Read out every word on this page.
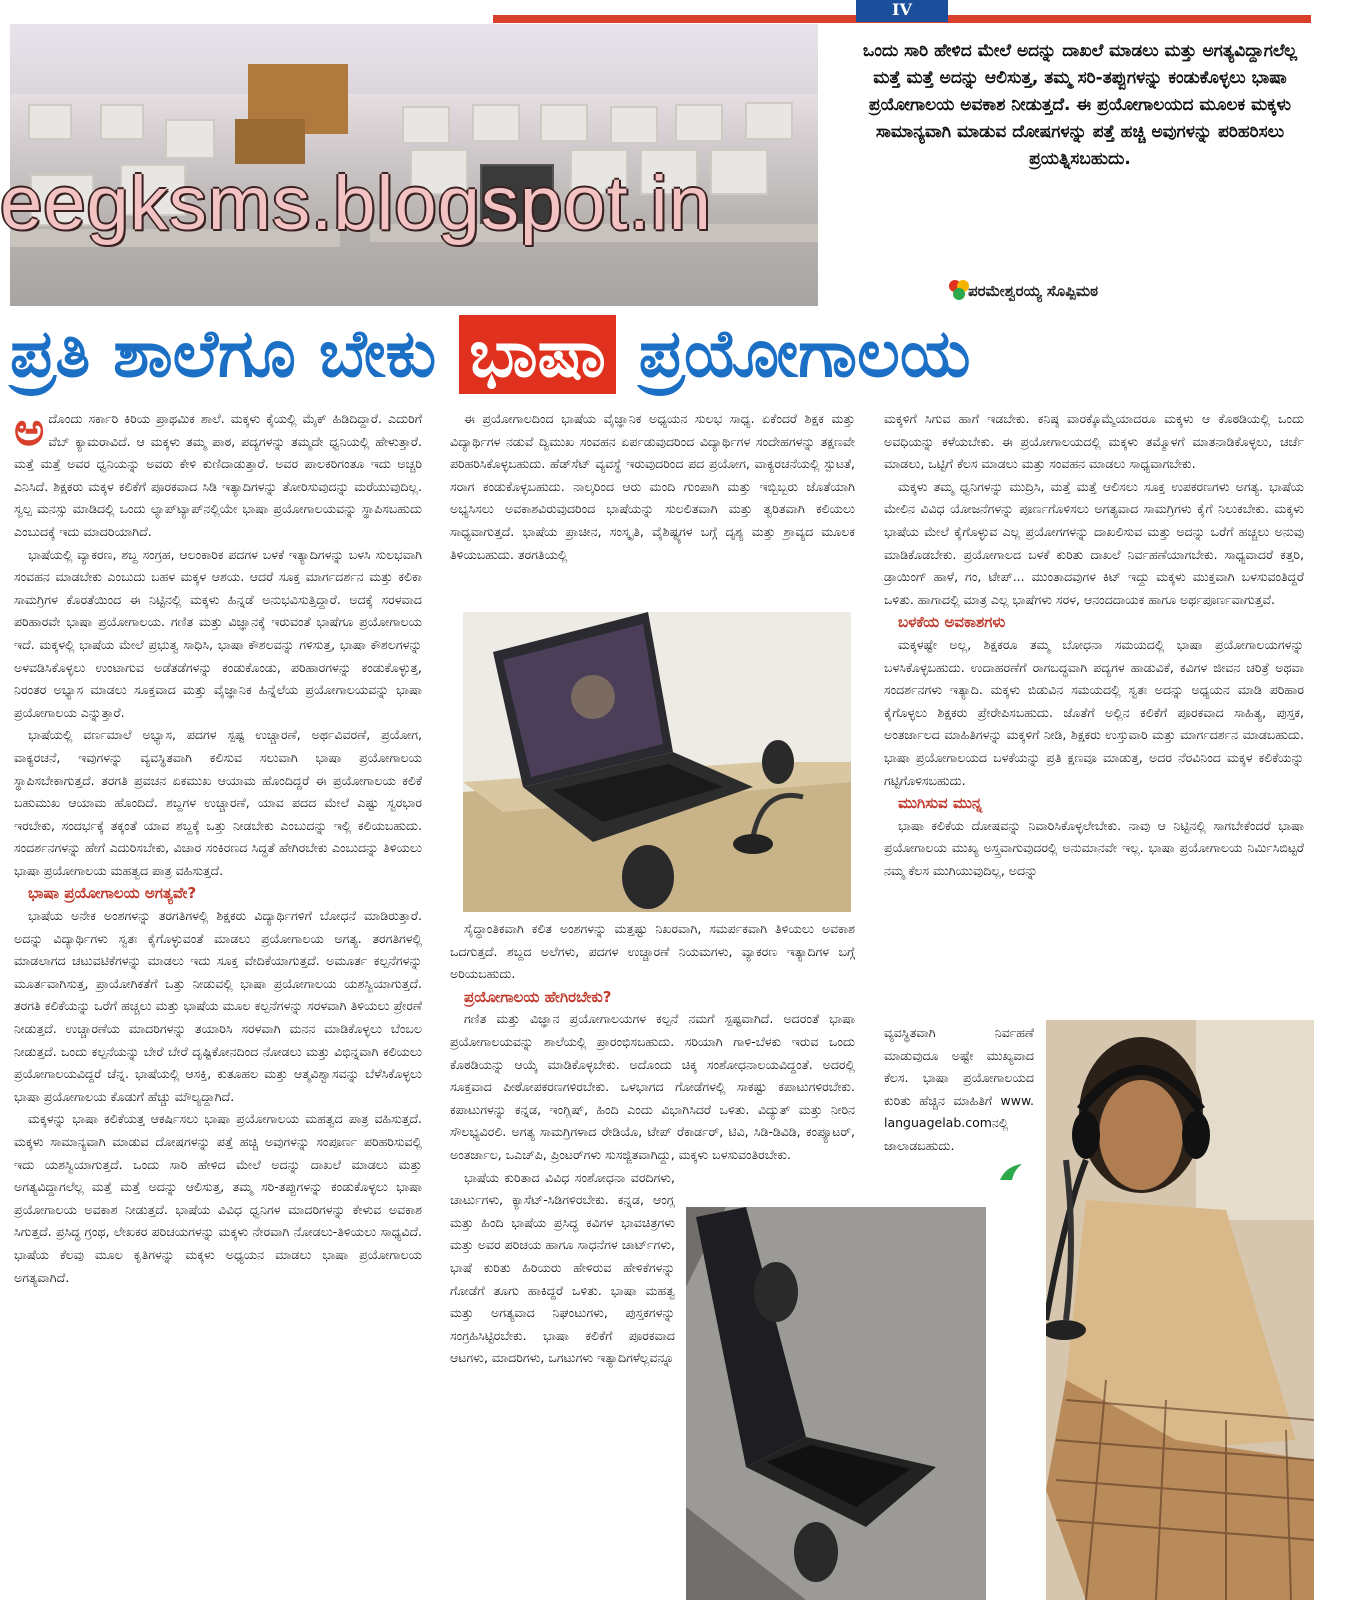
IV
eegksms.blogspot.in
ಒಂದು ಸಾರಿ ಹೇಳಿದ ಮೇಲೆ ಅದನ್ನು ದಾಖಲೆ ಮಾಡಲು ಮತ್ತು ಅಗತ್ಯವಿದ್ದಾಗಲೆಲ್ಲ ಮತ್ತೆ ಮತ್ತೆ ಅದನ್ನು ಆಲಿಸುತ್ತ, ತಮ್ಮ ಸರಿ-ತಪ್ಪುಗಳನ್ನು ಕಂಡುಕೊಳ್ಳಲು ಭಾಷಾ ಪ್ರಯೋಗಾಲಯ ಅವಕಾಶ ನೀಡುತ್ತದೆ. ಈ ಪ್ರಯೋಗಾಲಯದ ಮೂಲಕ ಮಕ್ಕಳು ಸಾಮಾನ್ಯವಾಗಿ ಮಾಡುವ ದೋಷಗಳನ್ನು ಪತ್ತೆ ಹಚ್ಚಿ ಅವುಗಳನ್ನು ಪರಿಹರಿಸಲು ಪ್ರಯತ್ನಿಸಬಹುದು.
ಪರಮೇಶ್ವರಯ್ಯ ಸೊಪ್ಪಿಮಠ
ಪ್ರತಿ ಶಾಲೆಗೂ ಬೇಕು ಭಾಷಾ ಪ್ರಯೋಗಾಲಯ

ಅದೊಂದು ಸರ್ಕಾರಿ ಕಿರಿಯ ಪ್ರಾಥಮಿಕ ಶಾಲೆ. ಮಕ್ಕಳು ಕೈಯಲ್ಲಿ ಮೈಕ್ ಹಿಡಿದಿದ್ದಾರೆ. ಎದುರಿಗೆ ವೆಬ್ ಕ್ಯಾಮರಾವಿದೆ. ಆ ಮಕ್ಕಳು ತಮ್ಮ ಪಾಠ, ಪದ್ಯಗಳನ್ನು ತಮ್ಮದೇ ಧ್ವನಿಯಲ್ಲಿ ಹೇಳುತ್ತಾರೆ. ಮತ್ತೆ ಮತ್ತೆ ಅವರ ಧ್ವನಿಯನ್ನು ಅವರು ಕೇಳಿ ಕುಣಿದಾಡುತ್ತಾರೆ. ಅವರ ಪಾಲಕರಿಗಂತೂ ಇದು ಅಚ್ಚರಿ ಎನಿಸಿದೆ. ಶಿಕ್ಷಕರು ಮಕ್ಕಳ ಕಲಿಕೆಗೆ ಪೂರಕವಾದ ಸಿಡಿ ಇತ್ಯಾದಿಗಳನ್ನು ತೋರಿಸುವುದನ್ನು ಮರೆಯುವುದಿಲ್ಲ. ಸ್ವಲ್ಪ ಮನಸ್ಸು ಮಾಡಿದಲ್ಲಿ ಒಂದು ಲ್ಯಾಪ್‌ಟ್ಯಾಪ್‌ನಲ್ಲಿಯೇ ಭಾಷಾ ಪ್ರಯೋಗಾಲಯವನ್ನು ಸ್ಥಾಪಿಸಬಹುದು ಎಂಬುದಕ್ಕೆ ಇದು ಮಾದರಿಯಾಗಿದೆ.

ಭಾಷೆಯಲ್ಲಿ ವ್ಯಾಕರಣ, ಶಬ್ದ ಸಂಗ್ರಹ, ಆಲಂಕಾರಿಕ ಪದಗಳ ಬಳಕೆ ಇತ್ಯಾದಿಗಳನ್ನು ಬಳಸಿ ಸುಲಭವಾಗಿ ಸಂವಹನ ಮಾಡಬೇಕು ಎಂಬುದು ಬಹಳ ಮಕ್ಕಳ ಆಶಯ. ಆದರೆ ಸೂಕ್ತ ಮಾರ್ಗದರ್ಶನ ಮತ್ತು ಕಲಿಕಾ ಸಾಮಗ್ರಿಗಳ ಕೊರತೆಯಿಂದ ಈ ನಿಟ್ಟಿನಲ್ಲಿ ಮಕ್ಕಳು ಹಿನ್ನಡೆ ಅನುಭವಿಸುತ್ತಿದ್ದಾರೆ. ಅದಕ್ಕೆ ಸರಳವಾದ ಪರಿಹಾರವೇ ಭಾಷಾ ಪ್ರಯೋಗಾಲಯ. ಗಣಿತ ಮತ್ತು ವಿಜ್ಞಾನಕ್ಕೆ ಇರುವಂತೆ ಭಾಷೆಗೂ ಪ್ರಯೋಗಾಲಯ ಇದೆ. ಮಕ್ಕಳಲ್ಲಿ ಭಾಷೆಯ ಮೇಲೆ ಪ್ರಭುತ್ವ ಸಾಧಿಸಿ, ಭಾಷಾ ಕೌಶಲವನ್ನು ಗಳಿಸುತ್ತ, ಭಾಷಾ ಕೌಶಲಗಳನ್ನು ಅಳವಡಿಸಿಕೊಳ್ಳಲು ಉಂಟಾಗುವ ಅಡೆತಡೆಗಳನ್ನು ಕಂಡುಕೊಂಡು, ಪರಿಹಾರಗಳನ್ನು ಕಂಡುಕೊಳ್ಳುತ್ತ, ನಿರಂತರ ಅಭ್ಯಾಸ ಮಾಡಲು ಸೂಕ್ತವಾದ ಮತ್ತು ವೈಜ್ಞಾನಿಕ ಹಿನ್ನೆಲೆಯ ಪ್ರಯೋಗಾಲಯವನ್ನು ಭಾಷಾ ಪ್ರಯೋಗಾಲಯ ಎನ್ನುತ್ತಾರೆ.

ಭಾಷೆಯಲ್ಲಿ ವರ್ಣಮಾಲೆ ಅಭ್ಯಾಸ, ಪದಗಳ ಸ್ಪಷ್ಟ ಉಚ್ಚಾರಣೆ, ಅರ್ಥವಿವರಣೆ, ಪ್ರಯೋಗ, ವಾಕ್ಯರಚನೆ, ಇವುಗಳನ್ನು ವ್ಯವಸ್ಥಿತವಾಗಿ ಕಲಿಸುವ ಸಲುವಾಗಿ ಭಾಷಾ ಪ್ರಯೋಗಾಲಯ ಸ್ಥಾಪಿಸಬೇಕಾಗುತ್ತದೆ. ತರಗತಿ ಪ್ರವಚನ ಏಕಮುಖ ಆಯಾಮ ಹೊಂದಿದ್ದರೆ ಈ ಪ್ರಯೋಗಾಲಯ ಕಲಿಕೆ ಬಹುಮುಖ ಆಯಾಮ ಹೊಂದಿದೆ. ಶಬ್ದಗಳ ಉಚ್ಚಾರಣೆ, ಯಾವ ಪದದ ಮೇಲೆ ಎಷ್ಟು ಸ್ವರಭಾರ ಇರಬೇಕು, ಸಂದರ್ಭಕ್ಕೆ ತಕ್ಕಂತೆ ಯಾವ ಶಬ್ದಕ್ಕೆ ಒತ್ತು ನೀಡಬೇಕು ಎಂಬುದನ್ನು ಇಲ್ಲಿ ಕಲಿಯಬಹುದು. ಸಂದರ್ಶನಗಳನ್ನು ಹೇಗೆ ಎದುರಿಸಬೇಕು, ವಿಚಾರ ಸಂಕಿರಣದ ಸಿದ್ಧತೆ ಹೇಗಿರಬೇಕು ಎಂಬುದನ್ನು ತಿಳಿಯಲು ಭಾಷಾ ಪ್ರಯೋಗಾಲಯ ಮಹತ್ವದ ಪಾತ್ರ ವಹಿಸುತ್ತದೆ.

ಭಾಷಾ ಪ್ರಯೋಗಾಲಯ ಅಗತ್ಯವೇ?

ಭಾಷೆಯ ಅನೇಕ ಅಂಶಗಳನ್ನು ತರಗತಿಗಳಲ್ಲಿ ಶಿಕ್ಷಕರು ವಿದ್ಯಾರ್ಥಿಗಳಿಗೆ ಬೋಧನೆ ಮಾಡಿರುತ್ತಾರೆ. ಅದನ್ನು ವಿದ್ಯಾರ್ಥಿಗಳು ಸ್ವತಃ ಕೈಗೊಳ್ಳುವಂತೆ ಮಾಡಲು ಪ್ರಯೋಗಾಲಯ ಅಗತ್ಯ. ತರಗತಿಗಳಲ್ಲಿ ಮಾಡಲಾಗದ ಚಟುವಟಿಕೆಗಳನ್ನು ಮಾಡಲು ಇದು ಸೂಕ್ತ ವೇದಿಕೆಯಾಗುತ್ತದೆ. ಅಮೂರ್ತ ಕಲ್ಪನೆಗಳನ್ನು ಮೂರ್ತವಾಗಿಸುತ್ತ, ಪ್ರಾಯೋಗಿಕತೆಗೆ ಒತ್ತು ನೀಡುವಲ್ಲಿ ಭಾಷಾ ಪ್ರಯೋಗಾಲಯ ಯಶಸ್ವಿಯಾಗುತ್ತದೆ. ತರಗತಿ ಕಲಿಕೆಯನ್ನು ಒರೆಗೆ ಹಚ್ಚಲು ಮತ್ತು ಭಾಷೆಯ ಮೂಲ ಕಲ್ಪನೆಗಳನ್ನು ಸರಳವಾಗಿ ತಿಳಿಯಲು ಪ್ರೇರಣೆ ನೀಡುತ್ತದೆ. ಉಚ್ಚಾರಣೆಯ ಮಾದರಿಗಳನ್ನು ತಯಾರಿಸಿ ಸರಳವಾಗಿ ಮನನ ಮಾಡಿಕೊಳ್ಳಲು ಬೆಂಬಲ ನೀಡುತ್ತದೆ. ಒಂದು ಕಲ್ಪನೆಯನ್ನು ಬೇರೆ ಬೇರೆ ದೃಷ್ಟಿಕೋನದಿಂದ ನೋಡಲು ಮತ್ತು ವಿಭಿನ್ನವಾಗಿ ಕಲಿಯಲು ಪ್ರಯೋಗಾಲಯವಿದ್ದರೆ ಚೆನ್ನ. ಭಾಷೆಯಲ್ಲಿ ಆಸಕ್ತಿ, ಕುತೂಹಲ ಮತ್ತು ಆತ್ಮವಿಶ್ವಾಸವನ್ನು ಬೆಳೆಸಿಕೊಳ್ಳಲು ಭಾಷಾ ಪ್ರಯೋಗಾಲಯ ಕೊಡುಗೆ ಹೆಚ್ಚು ಮೌಲ್ಯದ್ದಾಗಿದೆ.

ಮಕ್ಕಳನ್ನು ಭಾಷಾ ಕಲಿಕೆಯತ್ತ ಆಕರ್ಷಿಸಲು ಭಾಷಾ ಪ್ರಯೋಗಾಲಯ ಮಹತ್ವದ ಪಾತ್ರ ವಹಿಸುತ್ತದೆ. ಮಕ್ಕಳು ಸಾಮಾನ್ಯವಾಗಿ ಮಾಡುವ ದೋಷಗಳನ್ನು ಪತ್ತೆ ಹಚ್ಚಿ ಅವುಗಳನ್ನು ಸಂಪೂರ್ಣ ಪರಿಹರಿಸುವಲ್ಲಿ ಇದು ಯಶಸ್ವಿಯಾಗುತ್ತದೆ. ಒಂದು ಸಾರಿ ಹೇಳಿದ ಮೇಲೆ ಅದನ್ನು ದಾಖಲೆ ಮಾಡಲು ಮತ್ತು ಅಗತ್ಯವಿದ್ದಾಗಲೆಲ್ಲ ಮತ್ತೆ ಮತ್ತೆ ಅದನ್ನು ಆಲಿಸುತ್ತ, ತಮ್ಮ ಸರಿ-ತಪ್ಪುಗಳನ್ನು ಕಂಡುಕೊಳ್ಳಲು ಭಾಷಾ ಪ್ರಯೋಗಾಲಯ ಅವಕಾಶ ನೀಡುತ್ತದೆ. ಭಾಷೆಯ ವಿವಿಧ ಧ್ವನಿಗಳ ಮಾದರಿಗಳನ್ನು ಕೇಳುವ ಅವಕಾಶ ಸಿಗುತ್ತದೆ. ಪ್ರಸಿದ್ಧ ಗ್ರಂಥ, ಲೇಖಕರ ಪರಿಚಯಗಳನ್ನು ಮಕ್ಕಳು ನೇರವಾಗಿ ನೋಡಲು-ತಿಳಿಯಲು ಸಾಧ್ಯವಿದೆ. ಭಾಷೆಯ ಕೆಲವು ಮೂಲ ಕೃತಿಗಳನ್ನು ಮಕ್ಕಳು ಅಧ್ಯಯನ ಮಾಡಲು ಭಾಷಾ ಪ್ರಯೋಗಾಲಯ ಅಗತ್ಯವಾಗಿದೆ.

ಈ ಪ್ರಯೋಗಾಲದಿಂದ ಭಾಷೆಯ ವೈಜ್ಞಾನಿಕ ಅಧ್ಯಯನ ಸುಲಭ ಸಾಧ್ಯ. ಏಕೆಂದರೆ ಶಿಕ್ಷಕ ಮತ್ತು ವಿದ್ಯಾರ್ಥಿಗಳ ನಡುವೆ ದ್ವಿಮುಖ ಸಂವಹನ ಏರ್ಪಡುವುದರಿಂದ ವಿದ್ಯಾರ್ಥಿಗಳ ಸಂದೇಹಗಳನ್ನು ತಕ್ಷಣವೇ ಪರಿಹರಿಸಿಕೊಳ್ಳಬಹುದು. ಹೆಡ್‌ಸೆಟ್ ವ್ಯವಸ್ಥೆ ಇರುವುದರಿಂದ ಪದ ಪ್ರಯೋಗ, ವಾಕ್ಯರಚನೆಯಲ್ಲಿ ಸ್ಪುಟತೆ, ಸರಾಗ ಕಂಡುಕೊಳ್ಳಬಹುದು. ನಾಲ್ಕರಿಂದ ಆರು ಮಂದಿ ಗುಂಪಾಗಿ ಮತ್ತು ಇಬ್ಬಿಬ್ಬರು ಜೊತೆಯಾಗಿ ಅಭ್ಯಸಿಸಲು ಅವಕಾಶವಿರುವುದರಿಂದ ಭಾಷೆಯನ್ನು ಸುಲಲಿತವಾಗಿ ಮತ್ತು ತ್ವರಿತವಾಗಿ ಕಲಿಯಲು ಸಾಧ್ಯವಾಗುತ್ತದೆ. ಭಾಷೆಯ ಪ್ರಾಚೀನ, ಸಂಸ್ಕೃತಿ, ವೈಶಿಷ್ಟ್ಯಗಳ ಬಗ್ಗೆ ದೃಶ್ಯ ಮತ್ತು ಶ್ರಾವ್ಯದ ಮೂಲಕ ತಿಳಿಯಬಹುದು. ತರಗತಿಯಲ್ಲಿ

ಸೈದ್ಧಾಂತಿಕವಾಗಿ ಕಲಿತ ಅಂಶಗಳನ್ನು ಮತ್ತಷ್ಟು ನಿಖರವಾಗಿ, ಸಮರ್ಪಕವಾಗಿ ತಿಳಿಯಲು ಅವಕಾಶ ಒದಗುತ್ತದೆ. ಶಬ್ದದ ಅಲೆಗಳು, ಪದಗಳ ಉಚ್ಚಾರಣೆ ನಿಯಮಗಳು, ವ್ಯಾಕರಣ ಇತ್ಯಾದಿಗಳ ಬಗ್ಗೆ ಅರಿಯಬಹುದು.

ಪ್ರಯೋಗಾಲಯ ಹೇಗಿರಬೇಕು?

ಗಣಿತ ಮತ್ತು ವಿಜ್ಞಾನ ಪ್ರಯೋಗಾಲಯಗಳ ಕಲ್ಪನೆ ನಮಗೆ ಸ್ಪಷ್ಟವಾಗಿದೆ. ಅದರಂತೆ ಭಾಷಾ ಪ್ರಯೋಗಾಲಯವನ್ನು ಶಾಲೆಯಲ್ಲಿ ಪ್ರಾರಂಭಿಸಬಹುದು. ಸರಿಯಾಗಿ ಗಾಳಿ-ಬೆಳಕು ಇರುವ ಒಂದು ಕೊಠಡಿಯನ್ನು ಆಯ್ಕೆ ಮಾಡಿಕೊಳ್ಳಬೇಕು. ಅದೊಂದು ಚಿಕ್ಕ ಸಂಶೋಧನಾಲಯವಿದ್ದಂತೆ. ಅದರಲ್ಲಿ ಸೂಕ್ತವಾದ ಪೀಠೋಪಕರಣಗಳಿರಬೇಕು. ಒಳಭಾಗದ ಗೋಡೆಗಳಲ್ಲಿ ಸಾಕಷ್ಟು ಕಪಾಟುಗಳಿರಬೇಕು. ಕಪಾಟುಗಳನ್ನು ಕನ್ನಡ, ಇಂಗ್ಲಿಷ್, ಹಿಂದಿ ಎಂದು ವಿಭಾಗಿಸಿದರೆ ಒಳಿತು. ವಿದ್ಯುತ್ ಮತ್ತು ನೀರಿನ ಸೌಲಭ್ಯವಿರಲಿ. ಅಗತ್ಯ ಸಾಮಗ್ರಿಗಳಾದ ರೇಡಿಯೊ, ಟೇಪ್ ರೆಕಾರ್ಡರ್, ಟಿವಿ, ಸಿಡಿ-ಡಿವಿಡಿ, ಕಂಪ್ಯೂಟರ್, ಅಂತರ್ಜಾಲ, ಒಎಚ್‌ಪಿ, ಪ್ರಿಂಟರ್‌ಗಳು ಸುಸಜ್ಜಿತವಾಗಿದ್ದು, ಮಕ್ಕಳು ಬಳಸುವಂತಿರಬೇಕು.

ಭಾಷೆಯ ಕುರಿತಾದ ವಿವಿಧ ಸಂಶೋಧನಾ ವರದಿಗಳು, ಚಾರ್ಟುಗಳು, ಕ್ಯಾಸೆಟ್-ಸಿಡಿಗಳಿರಬೇಕು. ಕನ್ನಡ, ಆಂಗ್ಲ ಮತ್ತು ಹಿಂದಿ ಭಾಷೆಯ ಪ್ರಸಿದ್ಧ ಕವಿಗಳ ಭಾವಚಿತ್ರಗಳು ಮತ್ತು ಅವರ ಪರಿಚಯ ಹಾಗೂ ಸಾಧನೆಗಳ ಚಾರ್ಟ್‌ಗಳು, ಭಾಷೆ ಕುರಿತು ಹಿರಿಯರು ಹೇಳಿರುವ ಹೇಳಿಕೆಗಳನ್ನು ಗೋಡೆಗೆ ತೂಗು ಹಾಕಿದ್ದರೆ ಒಳಿತು. ಭಾಷಾ ಮಹತ್ವ ಮತ್ತು ಅಗತ್ಯವಾದ ನಿಘಂಟುಗಳು, ಪುಸ್ತಕಗಳನ್ನು ಸಂಗ್ರಹಿಸಿಟ್ಟಿರಬೇಕು. ಭಾಷಾ ಕಲಿಕೆಗೆ ಪೂರಕವಾದ ಆಟಗಳು, ಮಾದರಿಗಳು, ಒಗಟುಗಳು ಇತ್ಯಾದಿಗಳೆಲ್ಲವನ್ನೂ

ಮಕ್ಕಳಿಗೆ ಸಿಗುವ ಹಾಗೆ ಇಡಬೇಕು. ಕನಿಷ್ಠ ವಾರಕ್ಕೊಮ್ಮೆಯಾದರೂ ಮಕ್ಕಳು ಆ ಕೊಠಡಿಯಲ್ಲಿ ಒಂದು ಅವಧಿಯನ್ನು ಕಳೆಯಬೇಕು. ಈ ಪ್ರಯೋಗಾಲಯದಲ್ಲಿ ಮಕ್ಕಳು ತಮ್ಮೊಳಗೆ ಮಾತನಾಡಿಕೊಳ್ಳಲು, ಚರ್ಚೆ ಮಾಡಲು, ಒಟ್ಟಿಗೆ ಕೆಲಸ ಮಾಡಲು ಮತ್ತು ಸಂವಹನ ಮಾಡಲು ಸಾಧ್ಯವಾಗಬೇಕು.

ಮಕ್ಕಳು ತಮ್ಮ ಧ್ವನಿಗಳನ್ನು ಮುದ್ರಿಸಿ, ಮತ್ತೆ ಮತ್ತೆ ಆಲಿಸಲು ಸೂಕ್ತ ಉಪಕರಣಗಳು ಅಗತ್ಯ. ಭಾಷೆಯ ಮೇಲಿನ ವಿವಿಧ ಯೋಜನೆಗಳನ್ನು ಪೂರ್ಣಗೊಳಿಸಲು ಅಗತ್ಯವಾದ ಸಾಮಗ್ರಿಗಳು ಕೈಗೆ ನಿಲುಕಬೇಕು. ಮಕ್ಕಳು ಭಾಷೆಯ ಮೇಲೆ ಕೈಗೊಳ್ಳುವ ಎಲ್ಲ ಪ್ರಯೋಗಗಳನ್ನು ದಾಖಲಿಸುವ ಮತ್ತು ಅದನ್ನು ಒರೆಗೆ ಹಚ್ಚಲು ಅನುವು ಮಾಡಿಕೊಡಬೇಕು. ಪ್ರಯೋಗಾಲದ ಬಳಕೆ ಕುರಿತು ದಾಖಲೆ ನಿರ್ವಹಣೆಯಾಗಬೇಕು. ಸಾಧ್ಯವಾದರೆ ಕತ್ತರಿ, ಡ್ರಾಯಿಂಗ್ ಹಾಳೆ, ಗಂ, ಟೇಪ್... ಮುಂತಾದವುಗಳ ಕಿಟ್ ಇದ್ದು ಮಕ್ಕಳು ಮುಕ್ತವಾಗಿ ಬಳಸುವಂತಿದ್ದರೆ ಒಳಿತು. ಹಾಗಾದಲ್ಲಿ ಮಾತ್ರ ಎಲ್ಲ ಭಾಷೆಗಳು ಸರಳ, ಆನಂದದಾಯಕ ಹಾಗೂ ಅರ್ಥಪೂರ್ಣವಾಗುತ್ತವೆ.

ಬಳಕೆಯ ಅವಕಾಶಗಳು

ಮಕ್ಕಳಷ್ಟೇ ಅಲ್ಲ, ಶಿಕ್ಷಕರೂ ತಮ್ಮ ಬೋಧನಾ ಸಮಯದಲ್ಲಿ ಭಾಷಾ ಪ್ರಯೋಗಾಲಯಗಳನ್ನು ಬಳಸಿಕೊಳ್ಳಬಹುದು. ಉದಾಹರಣೆಗೆ ರಾಗಬದ್ಧವಾಗಿ ಪದ್ಯಗಳ ಹಾಡುವಿಕೆ, ಕವಿಗಳ ಜೀವನ ಚರಿತ್ರೆ ಅಥವಾ ಸಂದರ್ಶನಗಳು ಇತ್ಯಾದಿ. ಮಕ್ಕಳು ಬಿಡುವಿನ ಸಮಯದಲ್ಲಿ ಸ್ವತಃ ಅದನ್ನು ಅಧ್ಯಯನ ಮಾಡಿ ಪರಿಹಾರ ಕೈಗೊಳ್ಳಲು ಶಿಕ್ಷಕರು ಪ್ರೇರೇಪಿಸಬಹುದು. ಜೊತೆಗೆ ಅಲ್ಲಿನ ಕಲಿಕೆಗೆ ಪೂರಕವಾದ ಸಾಹಿತ್ಯ, ಪುಸ್ತಕ, ಅಂತರ್ಜಾಲದ ಮಾಹಿತಿಗಳನ್ನು ಮಕ್ಕಳಿಗೆ ನೀಡಿ, ಶಿಕ್ಷಕರು ಉಸ್ತುವಾರಿ ಮತ್ತು ಮಾರ್ಗದರ್ಶನ ಮಾಡಬಹುದು. ಭಾಷಾ ಪ್ರಯೋಗಾಲಯದ ಬಳಕೆಯನ್ನು ಪ್ರತಿ ಕ್ಷಣವೂ ಮಾಡುತ್ತ, ಅದರ ನೆರವಿನಿಂದ ಮಕ್ಕಳ ಕಲಿಕೆಯನ್ನು ಗಟ್ಟಿಗೊಳಿಸಬಹುದು.

ಮುಗಿಸುವ ಮುನ್ನ

ಭಾಷಾ ಕಲಿಕೆಯ ದೋಷವನ್ನು ನಿವಾರಿಸಿಕೊಳ್ಳಲೇಬೇಕು. ನಾವು ಆ ನಿಟ್ಟಿನಲ್ಲಿ ಸಾಗಬೇಕೆಂದರೆ ಭಾಷಾ ಪ್ರಯೋಗಾಲಯ ಮುಖ್ಯ ಅಸ್ತ್ರವಾಗುವುದರಲ್ಲಿ ಅನುಮಾನವೇ ಇಲ್ಲ. ಭಾಷಾ ಪ್ರಯೋಗಾಲಯ ನಿರ್ಮಿಸಿಬಿಟ್ಟರೆ ನಮ್ಮ ಕೆಲಸ ಮುಗಿಯುವುದಿಲ್ಲ, ಅದನ್ನು

ವ್ಯವಸ್ಥಿತವಾಗಿ ನಿರ್ವಹಣೆ ಮಾಡುವುದೂ ಅಷ್ಟೇ ಮುಖ್ಯವಾದ ಕೆಲಸ. ಭಾಷಾ ಪ್ರಯೋಗಾಲಯದ ಕುರಿತು ಹೆಚ್ಚಿನ ಮಾಹಿತಿಗೆ www. languagelab.comನಲ್ಲಿ ಜಾಲಾಡಬಹುದು.
